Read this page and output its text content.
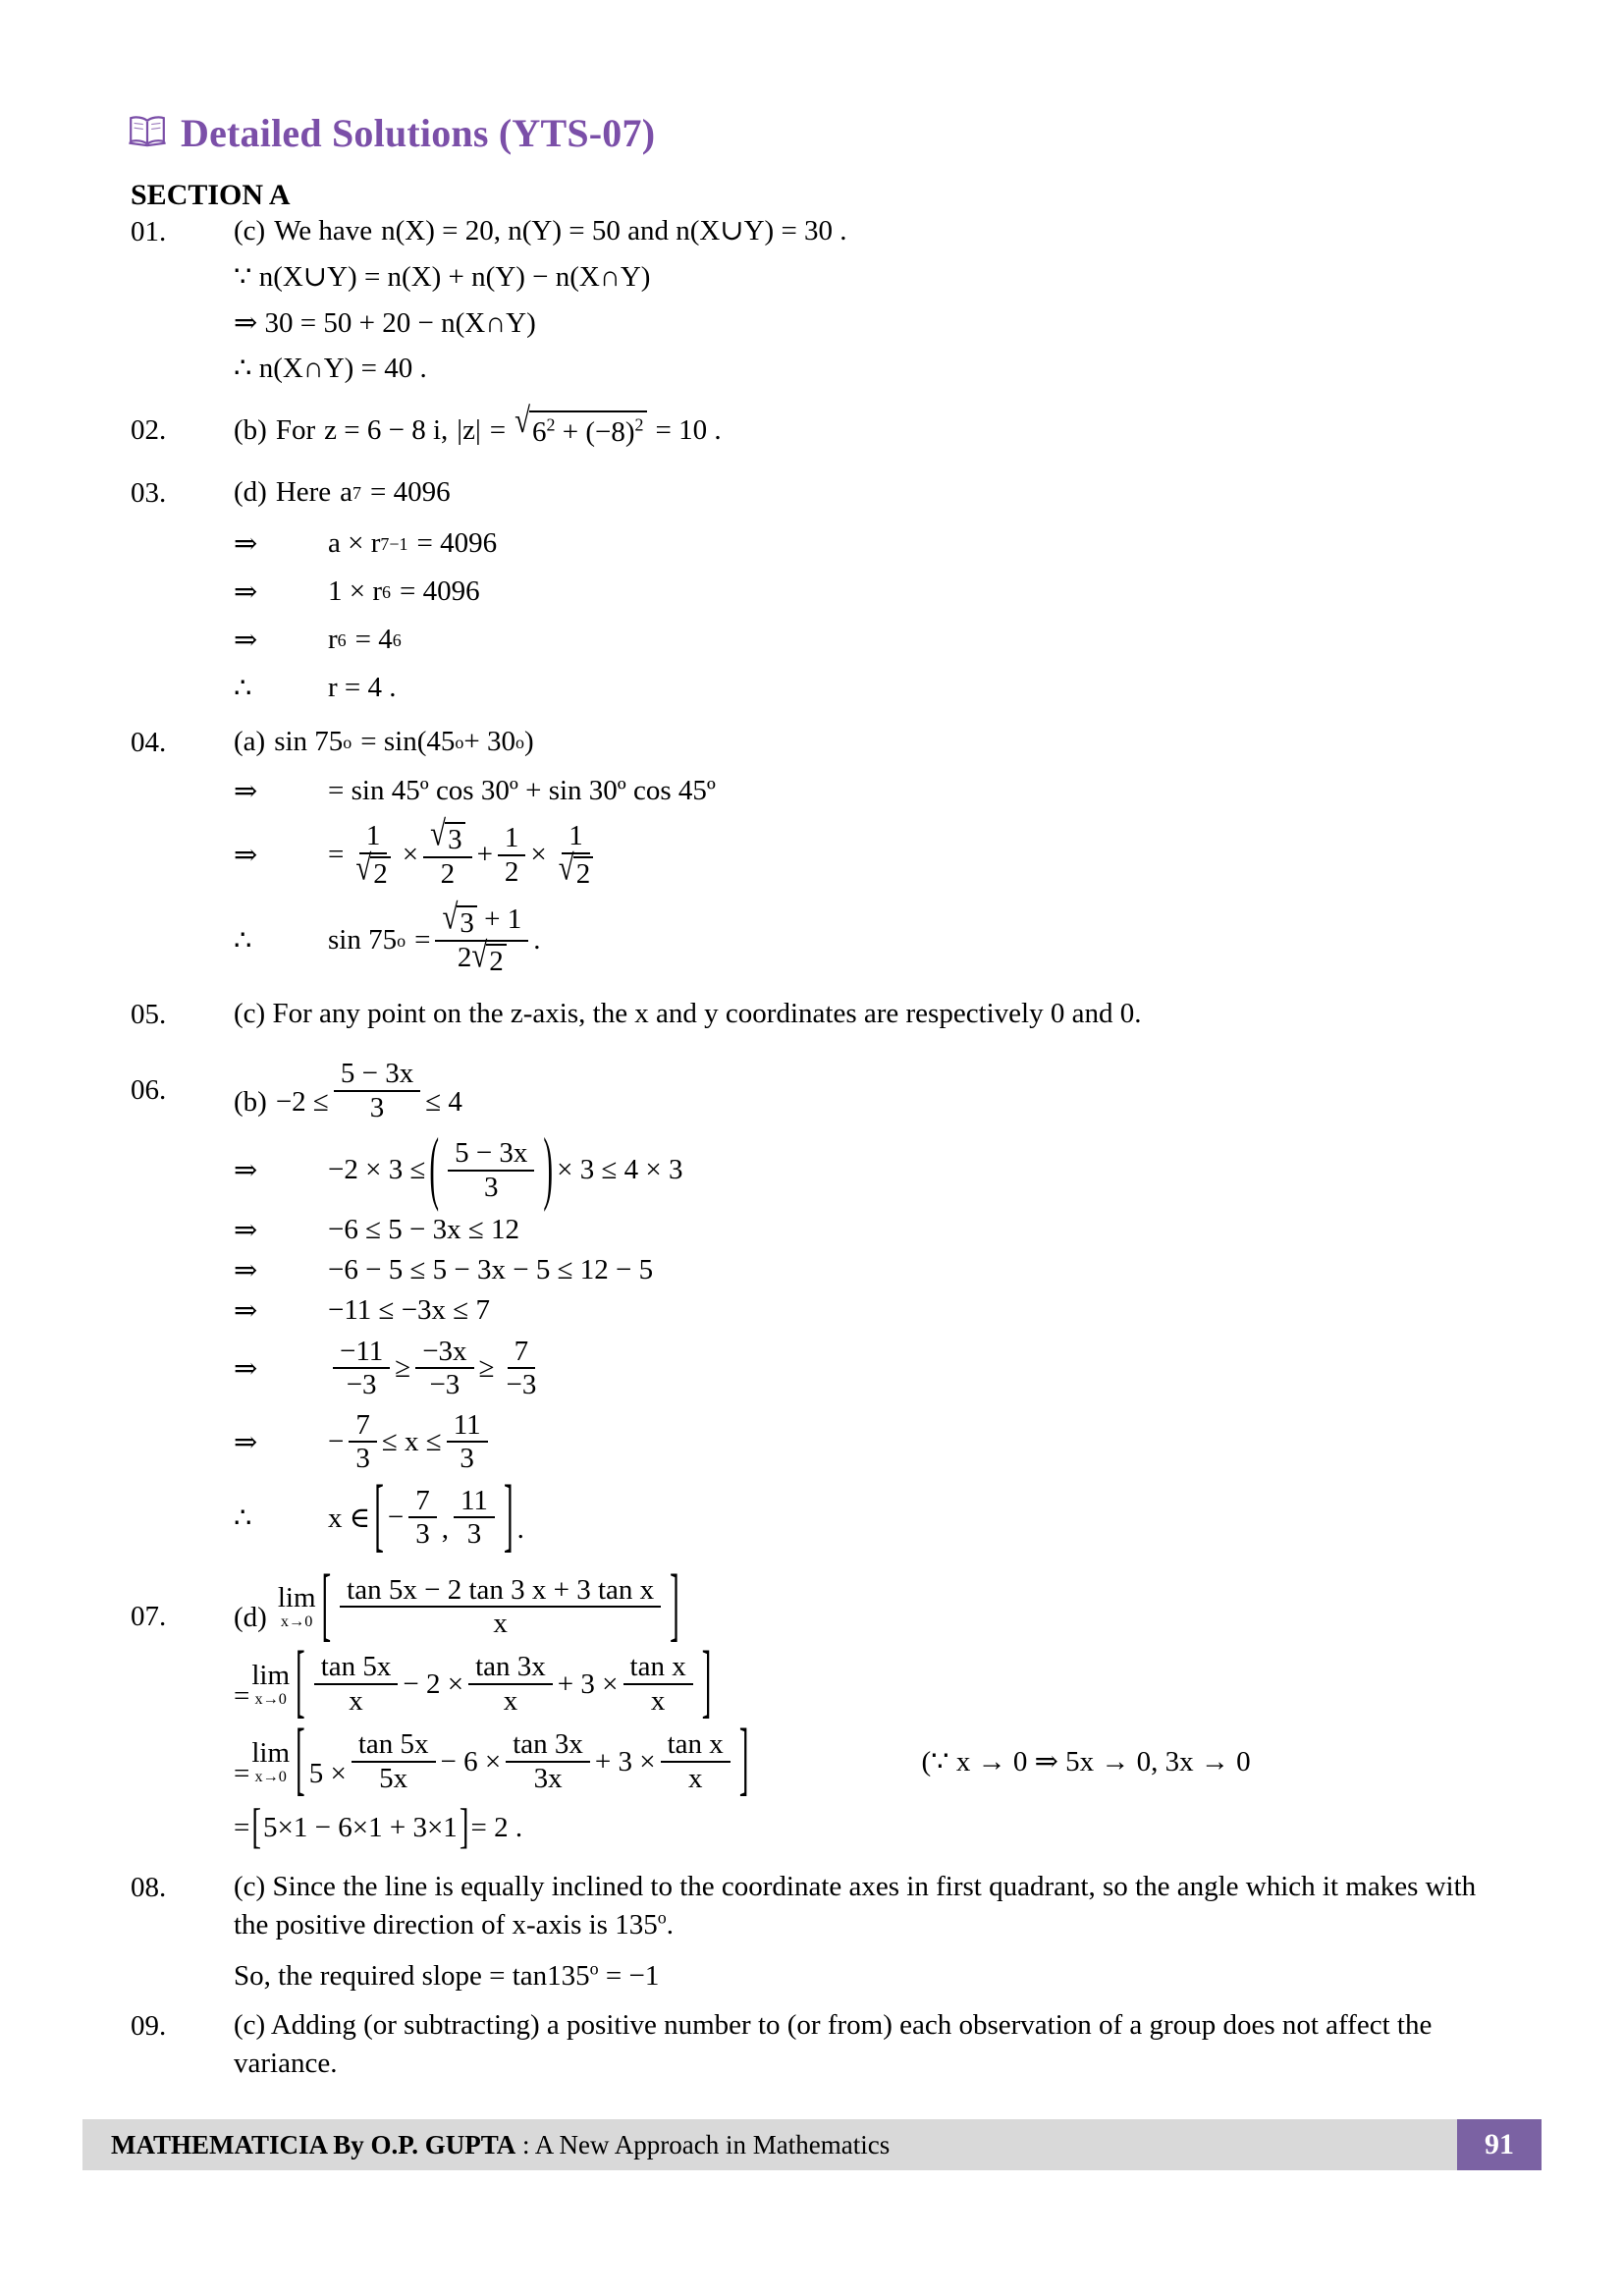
Detailed Solutions (YTS-07)
SECTION A
01.	(c) We have n(X) = 20, n(Y) = 50 and n(X∪Y) = 30 .
∵ n(X∪Y) = n(X) + n(Y) − n(X∩Y)
⇒ 30 = 50 + 20 − n(X∩Y)
∴ n(X∩Y) = 40 .
02.	(b) For z = 6 − 8 i, |z| = √ $6^2 + (-8)^2 = 10$ .
03.	(d) Here a 7 = 4096
⇒	a × r 7−1 = 4096
⇒	1 × r 6 = 4096
⇒	r 6 = 4 6
∴	r = 4 .
04.	(a) sin 75 o = sin(45 o + 30 o )
⇒	= sin 45º cos 30º + sin 30º cos 45º
⇒	= $\frac{1}{√ 2} \times \frac{√ 3}{2} + \frac{1}{2} \times \frac{1}{√ 2}$
∴	sin 75 $o = \frac{√ 3 + 1}{2 √ 2}$ .
05.	(c) For any point on the z-axis, the x and y coordinates are respectively 0 and 0.
06.	$(b) -2 \le \frac{5 - 3x}{3} \le 4$
⇒	−2 × 3 ≤ ( $\frac{5 - 3x}{3}$ ) × 3 ≤ 4 × 3
⇒	−6 ≤ 5 − 3x ≤ 12
⇒	−6 − 5 ≤ 5 − 3x − 5 ≤ 12 − 5
⇒	−11 ≤ −3x ≤ 7
⇒	$\frac{-11}{-3} \ge \frac{-3x}{-3} \ge \frac{7}{-3}$
⇒	− $\frac{7}{3} \le x \le \frac{11}{3}$
∴	x ∈ [ − $\frac{7}{3}$ , $\frac{11}{3}$ ] .
07.	(d)
lim
x→0 [ $\frac{\text{tan 5x − 2 tan 3 x + 3 tan x}}{x}$ ]
=
lim
x→0 [ $\frac{\tan 5x}{x} - 2 \times \frac{\tan 3x}{x} + 3 \times \frac{\text{tan x}}{x}$ ]
=
lim
x→0 [ $5 \times \frac{\tan 5x}{5x} - 6 \times \frac{\tan 3x}{3x} + 3 \times \frac{\text{tan x}}{x}$ ]	(∵ x → 0 ⇒ 5x → 0, 3x → 0
= [ 5×1 − 6×1 + 3×1 ] = 2 .
08.	(c) Since the line is equally inclined to the coordinate axes in first quadrant, so the angle which it makes with the positive direction of x-axis is 135$^o$.
So, the required slope = $\tan 135^o = -1$
09.	(c) Adding (or subtracting) a positive number to (or from) each observation of a group does not affect the variance.
MATHEMATICIA By O.P. GUPTA : A New Approach in Mathematics	91
